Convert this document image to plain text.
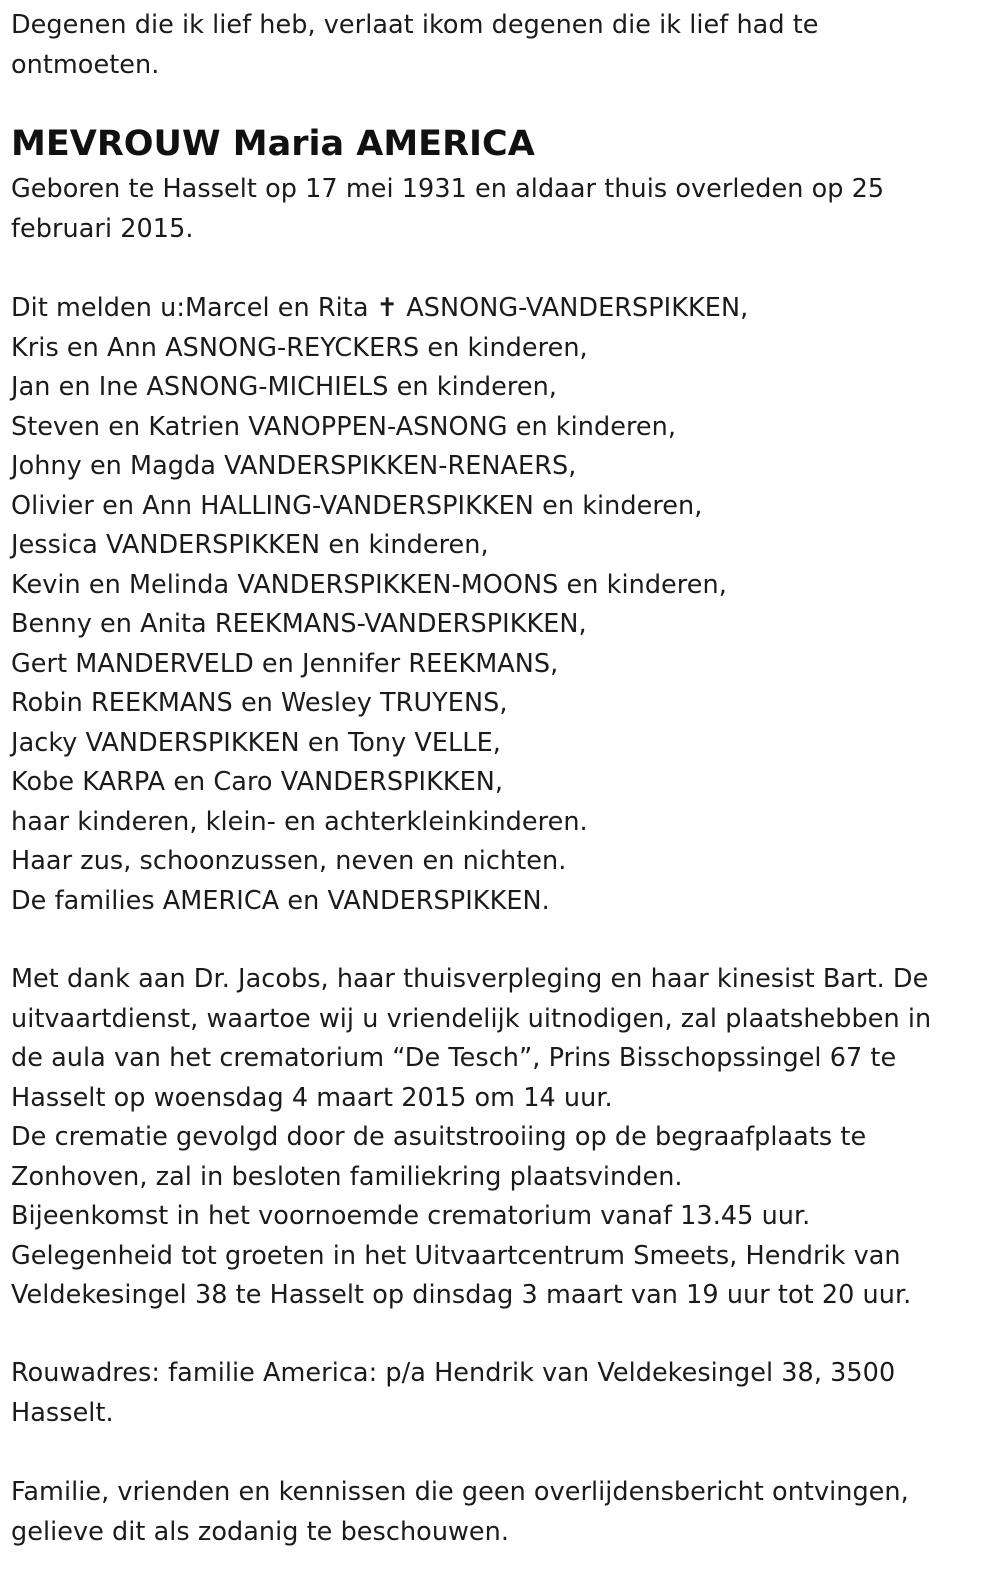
Degenen die ik lief heb, verlaat ikom degenen die ik lief had te
ontmoeten.

MEVROUW Maria AMERICA

Geboren te Hasselt op 17 mei 1931 en aldaar thuis overleden op 25
februari 2015.

Dit melden u:Marcel en Rita ✝ ASNONG-VANDERSPIKKEN,
Kris en Ann ASNONG-REYCKERS en kinderen,
Jan en Ine ASNONG-MICHIELS en kinderen,
Steven en Katrien VANOPPEN-ASNONG en kinderen,
Johny en Magda VANDERSPIKKEN-RENAERS,
Olivier en Ann HALLING-VANDERSPIKKEN en kinderen,
Jessica VANDERSPIKKEN en kinderen,
Kevin en Melinda VANDERSPIKKEN-MOONS en kinderen,
Benny en Anita REEKMANS-VANDERSPIKKEN,
Gert MANDERVELD en Jennifer REEKMANS,
Robin REEKMANS en Wesley TRUYENS,
Jacky VANDERSPIKKEN en Tony VELLE,
Kobe KARPA en Caro VANDERSPIKKEN,
haar kinderen, klein- en achterkleinkinderen.
Haar zus, schoonzussen, neven en nichten.
De families AMERICA en VANDERSPIKKEN.

Met dank aan Dr. Jacobs, haar thuisverpleging en haar kinesist Bart. De
uitvaartdienst, waartoe wij u vriendelijk uitnodigen, zal plaatshebben in
de aula van het crematorium “De Tesch”, Prins Bisschopssingel 67 te
Hasselt op woensdag 4 maart 2015 om 14 uur.
De crematie gevolgd door de asuitstrooiing op de begraafplaats te
Zonhoven, zal in besloten familiekring plaatsvinden.
Bijeenkomst in het voornoemde crematorium vanaf 13.45 uur.
Gelegenheid tot groeten in het Uitvaartcentrum Smeets, Hendrik van
Veldekesingel 38 te Hasselt op dinsdag 3 maart van 19 uur tot 20 uur.

Rouwadres: familie America: p/a Hendrik van Veldekesingel 38, 3500
Hasselt.

Familie, vrienden en kennissen die geen overlijdensbericht ontvingen,
gelieve dit als zodanig te beschouwen.
